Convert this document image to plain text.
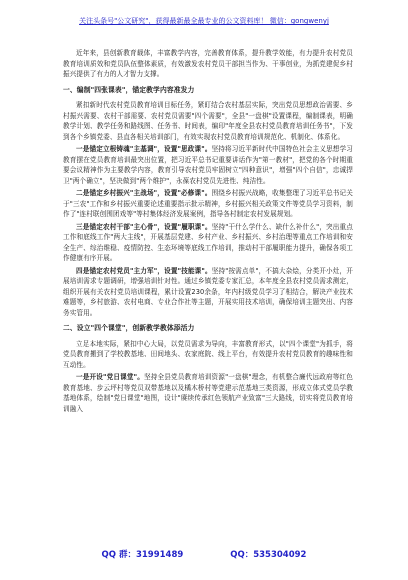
关注头条号"公文研究"，获得最新最全最专业的公文资料库！ 微信：gongwenyj

近年来，县创新教育载体，丰富教学内容，完善教育体系，提升教学效能，有力提升农村党员教育培训质效和党员队伍整体素质，有效激发农村党员干部担当作为、干事创业，为抓党建促乡村振兴提供了有力的人才智力支撑。

一、编制"四张课表"，锚定教学内容准发力

紧扣新时代农村党员教育培训目标任务，紧盯结合农村基层实际，突出党员思想政治需要、乡村振兴需要、农村干部需要、农村党员需要"四个需要"，全县"一盘棋"设置课程，编制课表，明确教学计划、教学任务和路线图、任务书、时间表，编印"年度全县农村党员教育培训任务书"，下发到各个乡镇党委、县直各相关培训部门，有效实现农村党员教育培训规范化、机制化、体系化。

一是锚定立根铸魂"主基调"，设置"思政课"。坚持将习近平新时代中国特色社会主义思想学习教育摆在党员教育培训最突出位置，把习近平总书记重要讲话作为"第一教材"，把党的各个时期重要会议精神作为主要教学内容，教育引导农村党员牢固树立"四种意识"，增强"四个自信"，忠诚捍卫"两个确立"，坚决做到"两个维护"，永葆农村党员先进性、纯洁性。

二是锚定乡村振兴"主战场"，设置"必修课"。围绕乡村振兴战略，收集整理了习近平总书记关于"三农"工作和乡村振兴重要论述重要指示批示精神，乡村振兴相关政策文件等党员学习资料，制作了"连村联创围团戏等"等村集体经济发展案例，指导各村制定农村发展规划。

三是锚定农村干部"主心骨"，设置"履职课"。坚持"干什么学什么、缺什么补什么"，突出重点工作和底线工作"两大主线"，开展基层党建、乡村产业、乡村振兴、乡村治理等重点工作培训和安全生产、综治维稳、疫情防控、生态环境等底线工作培训，推动村干部履职能力提升，确保各项工作健康有序开展。

四是锚定农村党员"主力军"，设置"技能课"。坚持"按需点单"，不搞大杂烩，分类开小灶，开展培训需求专题调研，增强培训针对性。通过乡镇党委专家汇总，本年度全县农村党员需求测定，组织开展有关农村党员培训课程，累计设置230余条，年内村级党员学习了相结合，解决产业技术难题等，乡村旅游、农村电商、专业合作社等主题，开展实用技术培训，确保培训主题突出、内容务实管用。

二、设立"四个课堂"，创新教学教体添活力

立足本地实际，紧扣中心大局，以党员需求为导向，丰富教育形式，以"四个课堂"为抓手，将党员教育搬到了学校教基地、田间地头、农家庭院、线上平台，有效提升农村党员教育的趣味性和互动性。

一是开设"党日课堂"。坚持全县党员教育培训资源"一盘棋"理念，有机整合廉代远政府等红色教育基地、步云坪村等党员双带基地以及橘木桥村等党建示范基地三类资源，形成立体式党员学教基地体系，绘制"党日课堂"地图，设计"赓续传承红色领航产业致富"三大路线，切实将党员教育培训融入

QQ 群：31991489	QQ：535304092
